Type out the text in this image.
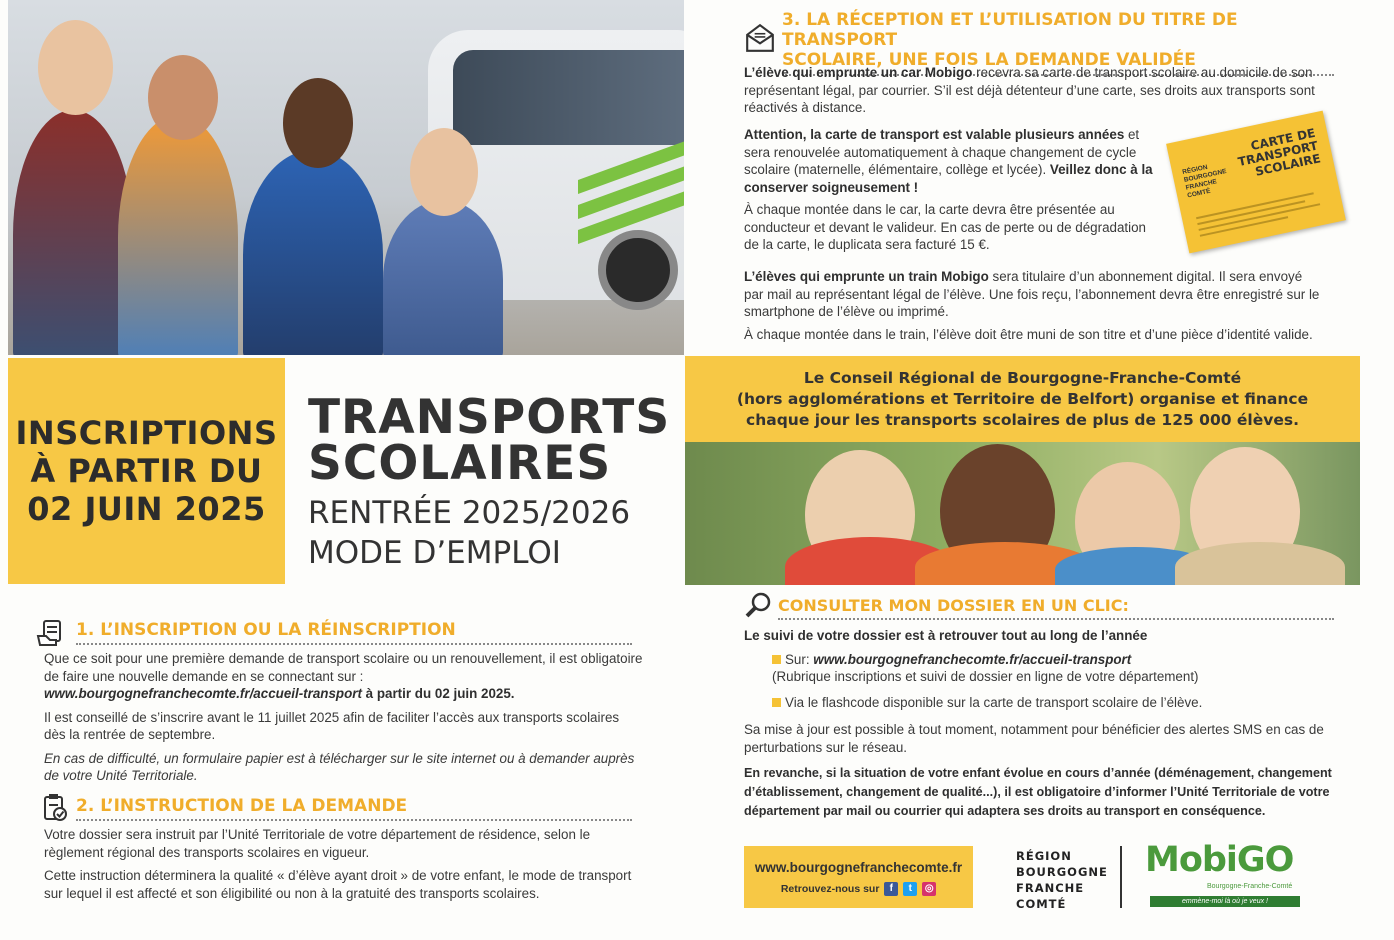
INSCRIPTIONS
À PARTIR DU
02 JUIN 2025
TRANSPORTS
SCOLAIRES
RENTRÉE 2025/2026
MODE D’EMPLOI
1. L’INSCRIPTION OU LA RÉINSCRIPTION

Que ce soit pour une première demande de transport scolaire ou un renouvellement, il est obligatoire de faire une nouvelle demande en se connectant sur :

www.bourgognefranchecomte.fr/accueil-transport à partir du 02 juin 2025.

Il est conseillé de s’inscrire avant le 11 juillet 2025 afin de faciliter l’accès aux transports scolaires dès la rentrée de septembre.

En cas de difficulté, un formulaire papier est à télécharger sur le site internet ou à demander auprès de votre Unité Territoriale.

2. L’INSTRUCTION DE LA DEMANDE

Votre dossier sera instruit par l’Unité Territoriale de votre département de résidence, selon le règlement régional des transports scolaires en vigueur.

Cette instruction déterminera la qualité « d’élève ayant droit » de votre enfant, le mode de transport sur lequel il est affecté et son éligibilité ou non à la gratuité des transports scolaires.

3. LA RÉCEPTION ET L’UTILISATION DU TITRE DE TRANSPORT
SCOLAIRE, UNE FOIS LA DEMANDE VALIDÉE

L’élève qui emprunte un car Mobigo recevra sa carte de transport scolaire au domicile de son représentant légal, par courrier. S’il est déjà détenteur d’une carte, ses droits aux transports sont réactivés à distance.

Attention, la carte de transport est valable plusieurs années et sera renouvelée automatiquement à chaque changement de cycle scolaire (maternelle, élémentaire, collège et lycée). Veillez donc à la conserver soigneusement !

À chaque montée dans le car, la carte devra être présentée au conducteur et devant le valideur. En cas de perte ou de dégradation de la carte, le duplicata sera facturé 15 €.

CARTE DE
TRANSPORT
SCOLAIRE
RÉGION
BOURGOGNE
FRANCHE
COMTÉ

L’élèves qui emprunte un train Mobigo sera titulaire d’un abonnement digital. Il sera envoyé par mail au représentant légal de l’élève. Une fois reçu, l’abonnement devra être enregistré sur le smartphone de l’élève ou imprimé.

À chaque montée dans le train, l’élève doit être muni de son titre et d’une pièce d’identité valide.

Le Conseil Régional de Bourgogne-Franche-Comté
(hors agglomérations et Territoire de Belfort) organise et finance
chaque jour les transports scolaires de plus de 125 000 élèves.
CONSULTER MON DOSSIER EN UN CLIC:

Le suivi de votre dossier est à retrouver tout au long de l’année

Sur: www.bourgognefranchecomte.fr/accueil-transport

(Rubrique inscriptions et suivi de dossier en ligne de votre département)

Via le flashcode disponible sur la carte de transport scolaire de l’élève.

Sa mise à jour est possible à tout moment, notamment pour bénéficier des alertes SMS en cas de perturbations sur le réseau.

En revanche, si la situation de votre enfant évolue en cours d’année (déménagement, changement d’établissement, changement de qualité...), il est obligatoire d’informer l’Unité Territoriale de votre département par mail ou courrier qui adaptera ses droits au transport en conséquence.

www.bourgognefranchecomte.fr
Retrouvez-nous sur f t ◎
RÉGION
BOURGOGNE
FRANCHE
COMTÉ
MobiGO
Bourgogne-Franche-Comté
emmène-moi là où je veux !
